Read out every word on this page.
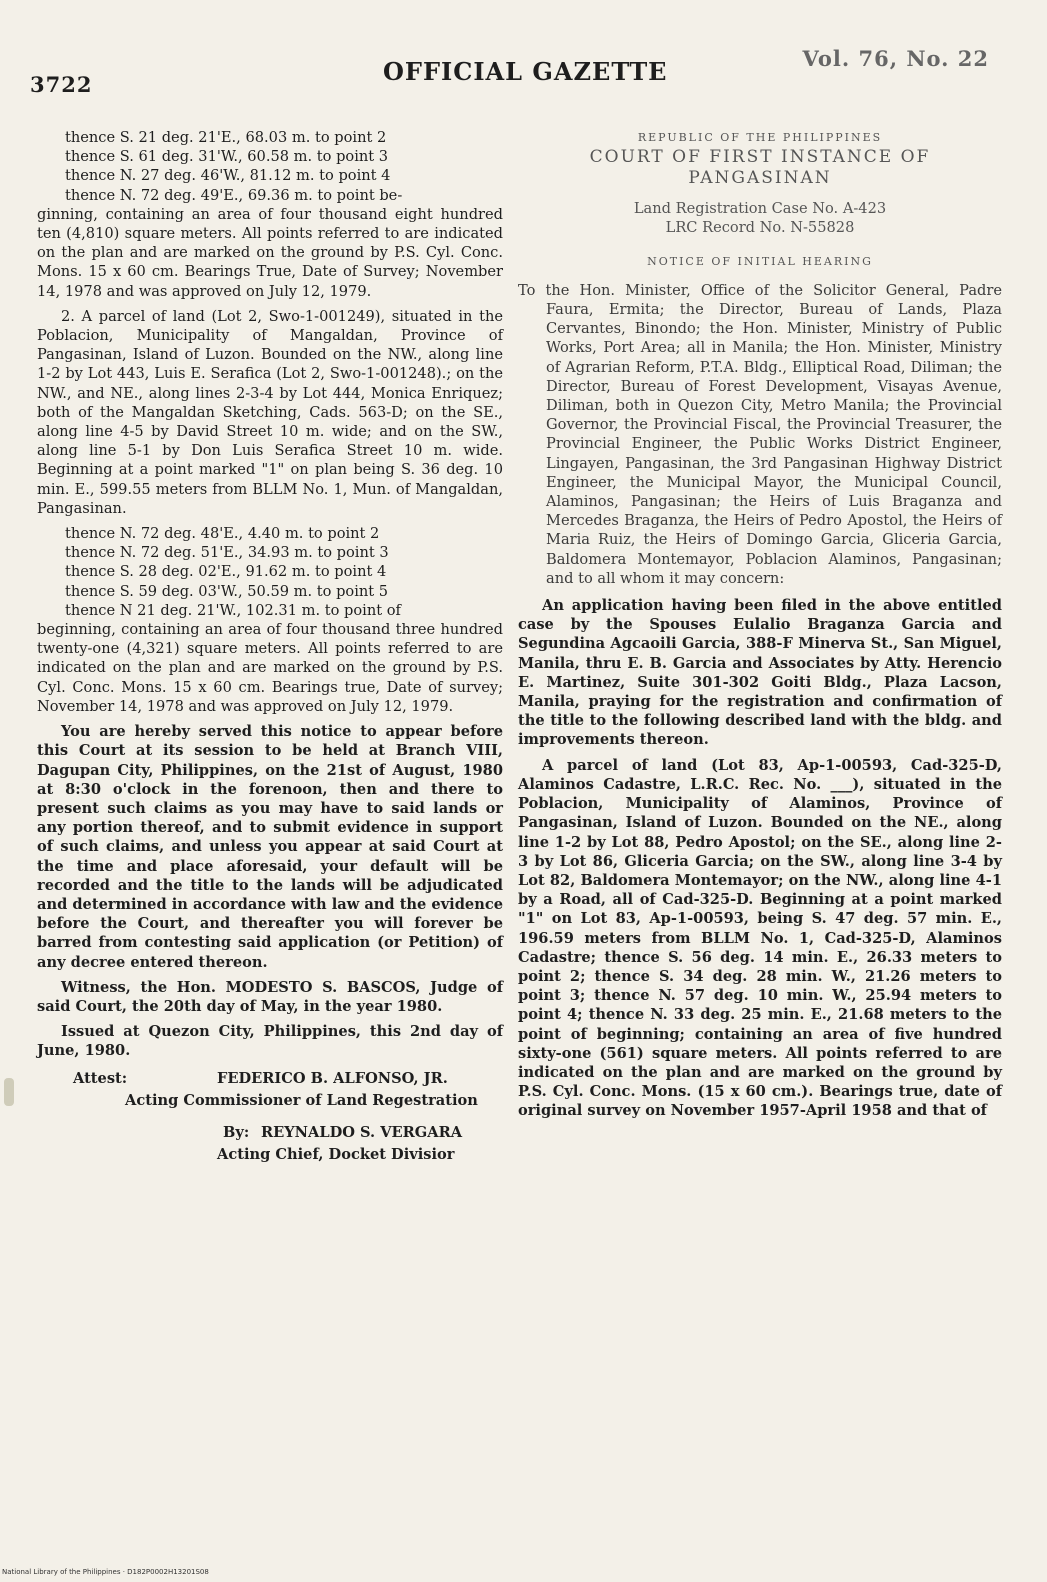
3722	OFFICIAL GAZETTE	Vol. 76, No. 22

thence S. 21 deg. 21'E., 68.03 m. to point 2

thence S. 61 deg. 31'W., 60.58 m. to point 3

thence N. 27 deg. 46'W., 81.12 m. to point 4

thence N. 72 deg. 49'E., 69.36 m. to point be-

ginning, containing an area of four thousand eight hundred ten (4,810) square meters. All points referred to are indicated on the plan and are marked on the ground by P.S. Cyl. Conc. Mons. 15 x 60 cm. Bearings True, Date of Survey; November 14, 1978 and was approved on July 12, 1979.

2. A parcel of land (Lot 2, Swo-1-001249), situated in the Poblacion, Municipality of Mangaldan, Province of Pangasinan, Island of Luzon. Bounded on the NW., along line 1-2 by Lot 443, Luis E. Serafica (Lot 2, Swo-1-001248).; on the NW., and NE., along lines 2-3-4 by Lot 444, Monica Enriquez; both of the Mangaldan Sketching, Cads. 563-D; on the SE., along line 4-5 by David Street 10 m. wide; and on the SW., along line 5-1 by Don Luis Serafica Street 10 m. wide. Beginning at a point marked "1" on plan being S. 36 deg. 10 min. E., 599.55 meters from BLLM No. 1, Mun. of Mangaldan, Pangasinan.

thence N. 72 deg. 48'E., 4.40 m. to point 2

thence N. 72 deg. 51'E., 34.93 m. to point 3

thence S. 28 deg. 02'E., 91.62 m. to point 4

thence S. 59 deg. 03'W., 50.59 m. to point 5

thence N 21 deg. 21'W., 102.31 m. to point of

beginning, containing an area of four thousand three hundred twenty-one (4,321) square meters. All points referred to are indicated on the plan and are marked on the ground by P.S. Cyl. Conc. Mons. 15 x 60 cm. Bearings true, Date of survey; November 14, 1978 and was approved on July 12, 1979.

You are hereby served this notice to appear before this Court at its session to be held at Branch VIII, Dagupan City, Philippines, on the 21st of August, 1980 at 8:30 o'clock in the forenoon, then and there to present such claims as you may have to said lands or any portion thereof, and to submit evidence in support of such claims, and unless you appear at said Court at the time and place aforesaid, your default will be recorded and the title to the lands will be adjudicated and determined in accordance with law and the evidence before the Court, and thereafter you will forever be barred from contesting said application (or Petition) of any decree entered thereon.

Witness, the Hon. MODESTO S. BASCOS, Judge of said Court, the 20th day of May, in the year 1980.

Issued at Quezon City, Philippines, this 2nd day of June, 1980.

Attest:	FEDERICO B. ALFONSO, JR.
Acting Commissioner of Land Regestration
By: REYNALDO S. VERGARA
Acting Chief, Docket Divisior
REPUBLIC OF THE PHILIPPINES
COURT OF FIRST INSTANCE OF PANGASINAN
Land Registration Case No. A-423
LRC Record No. N-55828
NOTICE OF INITIAL HEARING

To the Hon. Minister, Office of the Solicitor General, Padre Faura, Ermita; the Director, Bureau of Lands, Plaza Cervantes, Binondo; the Hon. Minister, Ministry of Public Works, Port Area; all in Manila; the Hon. Minister, Ministry of Agrarian Reform, P.T.A. Bldg., Elliptical Road, Diliman; the Director, Bureau of Forest Development, Visayas Avenue, Diliman, both in Quezon City, Metro Manila; the Provincial Governor, the Provincial Fiscal, the Provincial Treasurer, the Provincial Engineer, the Public Works District Engineer, Lingayen, Pangasinan, the 3rd Pangasinan Highway District Engineer, the Municipal Mayor, the Municipal Council, Alaminos, Pangasinan; the Heirs of Luis Braganza and Mercedes Braganza, the Heirs of Pedro Apostol, the Heirs of Maria Ruiz, the Heirs of Domingo Garcia, Gliceria Garcia, Baldomera Montemayor, Poblacion Alaminos, Pangasinan; and to all whom it may concern:

An application having been filed in the above entitled case by the Spouses Eulalio Braganza Garcia and Segundina Agcaoili Garcia, 388-F Minerva St., San Miguel, Manila, thru E. B. Garcia and Associates by Atty. Herencio E. Martinez, Suite 301-302 Goiti Bldg., Plaza Lacson, Manila, praying for the registration and confirmation of the title to the following described land with the bldg. and improvements thereon.

A parcel of land (Lot 83, Ap-1-00593, Cad-325-D, Alaminos Cadastre, L.R.C. Rec. No. ___), situated in the Poblacion, Municipality of Alaminos, Province of Pangasinan, Island of Luzon. Bounded on the NE., along line 1-2 by Lot 88, Pedro Apostol; on the SE., along line 2-3 by Lot 86, Gliceria Garcia; on the SW., along line 3-4 by Lot 82, Baldomera Montemayor; on the NW., along line 4-1 by a Road, all of Cad-325-D. Beginning at a point marked "1" on Lot 83, Ap-1-00593, being S. 47 deg. 57 min. E., 196.59 meters from BLLM No. 1, Cad-325-D, Alaminos Cadastre; thence S. 56 deg. 14 min. E., 26.33 meters to point 2; thence S. 34 deg. 28 min. W., 21.26 meters to point 3; thence N. 57 deg. 10 min. W., 25.94 meters to point 4; thence N. 33 deg. 25 min. E., 21.68 meters to the point of beginning; containing an area of five hundred sixty-one (561) square meters. All points referred to are indicated on the plan and are marked on the ground by P.S. Cyl. Conc. Mons. (15 x 60 cm.). Bearings true, date of original survey on November 1957-April 1958 and that of

National Library of the Philippines · D182P0002H13201S08
